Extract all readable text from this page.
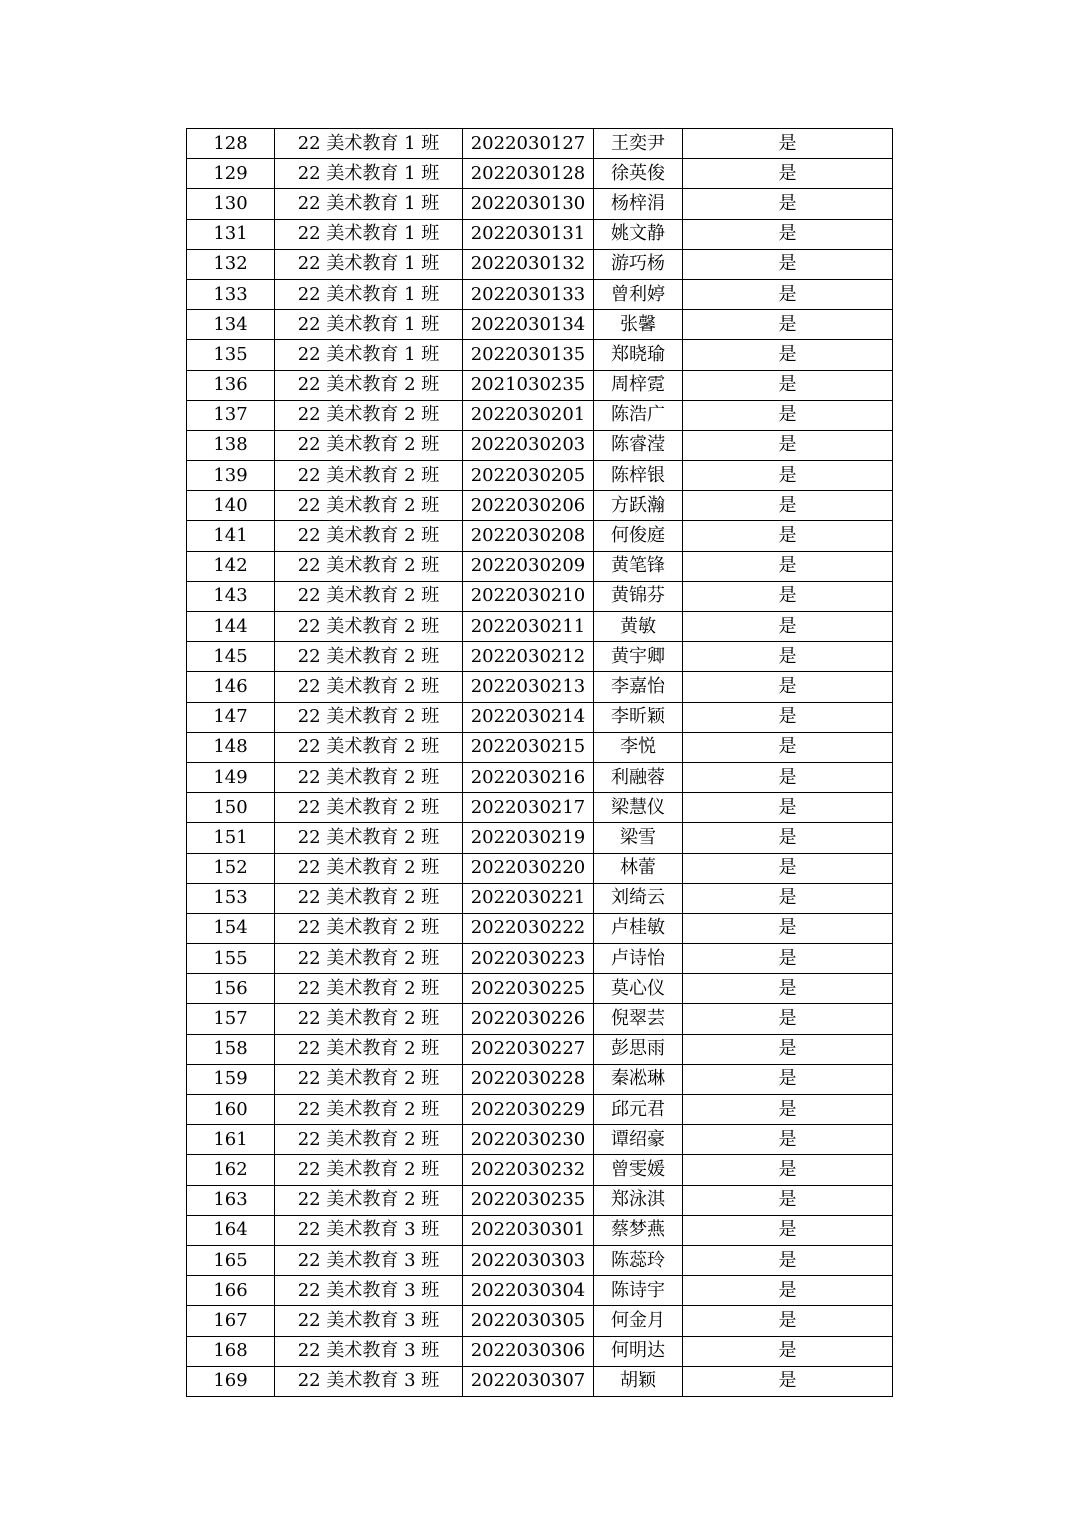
128	22 美术教育 1 班	2022030127	王奕尹	是
129	22 美术教育 1 班	2022030128	徐英俊	是
130	22 美术教育 1 班	2022030130	杨梓涓	是
131	22 美术教育 1 班	2022030131	姚文静	是
132	22 美术教育 1 班	2022030132	游巧杨	是
133	22 美术教育 1 班	2022030133	曾利婷	是
134	22 美术教育 1 班	2022030134	张馨	是
135	22 美术教育 1 班	2022030135	郑晓瑜	是
136	22 美术教育 2 班	2021030235	周梓霓	是
137	22 美术教育 2 班	2022030201	陈浩广	是
138	22 美术教育 2 班	2022030203	陈睿滢	是
139	22 美术教育 2 班	2022030205	陈梓银	是
140	22 美术教育 2 班	2022030206	方跃瀚	是
141	22 美术教育 2 班	2022030208	何俊庭	是
142	22 美术教育 2 班	2022030209	黄笔锋	是
143	22 美术教育 2 班	2022030210	黄锦芬	是
144	22 美术教育 2 班	2022030211	黄敏	是
145	22 美术教育 2 班	2022030212	黄宇卿	是
146	22 美术教育 2 班	2022030213	李嘉怡	是
147	22 美术教育 2 班	2022030214	李昕颖	是
148	22 美术教育 2 班	2022030215	李悦	是
149	22 美术教育 2 班	2022030216	利融蓉	是
150	22 美术教育 2 班	2022030217	梁慧仪	是
151	22 美术教育 2 班	2022030219	梁雪	是
152	22 美术教育 2 班	2022030220	林蕾	是
153	22 美术教育 2 班	2022030221	刘绮云	是
154	22 美术教育 2 班	2022030222	卢桂敏	是
155	22 美术教育 2 班	2022030223	卢诗怡	是
156	22 美术教育 2 班	2022030225	莫心仪	是
157	22 美术教育 2 班	2022030226	倪翠芸	是
158	22 美术教育 2 班	2022030227	彭思雨	是
159	22 美术教育 2 班	2022030228	秦凇琳	是
160	22 美术教育 2 班	2022030229	邱元君	是
161	22 美术教育 2 班	2022030230	谭绍豪	是
162	22 美术教育 2 班	2022030232	曾雯媛	是
163	22 美术教育 2 班	2022030235	郑泳淇	是
164	22 美术教育 3 班	2022030301	蔡梦燕	是
165	22 美术教育 3 班	2022030303	陈蕊玲	是
166	22 美术教育 3 班	2022030304	陈诗宇	是
167	22 美术教育 3 班	2022030305	何金月	是
168	22 美术教育 3 班	2022030306	何明达	是
169	22 美术教育 3 班	2022030307	胡颖	是
